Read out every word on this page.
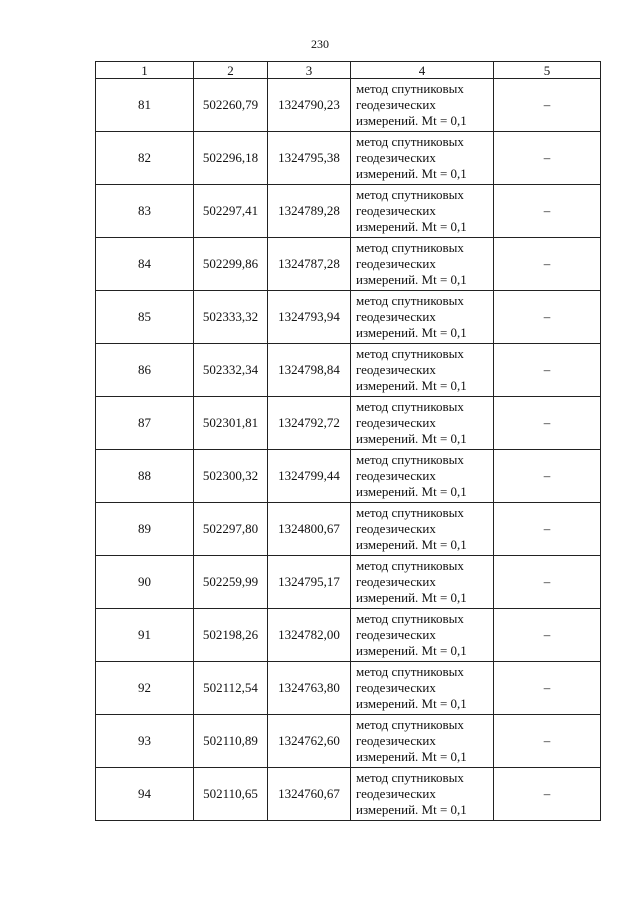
230
1	2	3	4	5
81	502260,79	1324790,23	метод спутниковых
геодезических
измерений. Mt = 0,1	–
82	502296,18	1324795,38	метод спутниковых
геодезических
измерений. Mt = 0,1	–
83	502297,41	1324789,28	метод спутниковых
геодезических
измерений. Mt = 0,1	–
84	502299,86	1324787,28	метод спутниковых
геодезических
измерений. Mt = 0,1	–
85	502333,32	1324793,94	метод спутниковых
геодезических
измерений. Mt = 0,1	–
86	502332,34	1324798,84	метод спутниковых
геодезических
измерений. Mt = 0,1	–
87	502301,81	1324792,72	метод спутниковых
геодезических
измерений. Mt = 0,1	–
88	502300,32	1324799,44	метод спутниковых
геодезических
измерений. Mt = 0,1	–
89	502297,80	1324800,67	метод спутниковых
геодезических
измерений. Mt = 0,1	–
90	502259,99	1324795,17	метод спутниковых
геодезических
измерений. Mt = 0,1	–
91	502198,26	1324782,00	метод спутниковых
геодезических
измерений. Mt = 0,1	–
92	502112,54	1324763,80	метод спутниковых
геодезических
измерений. Mt = 0,1	–
93	502110,89	1324762,60	метод спутниковых
геодезических
измерений. Mt = 0,1	–
94	502110,65	1324760,67	метод спутниковых
геодезических
измерений. Mt = 0,1	–
